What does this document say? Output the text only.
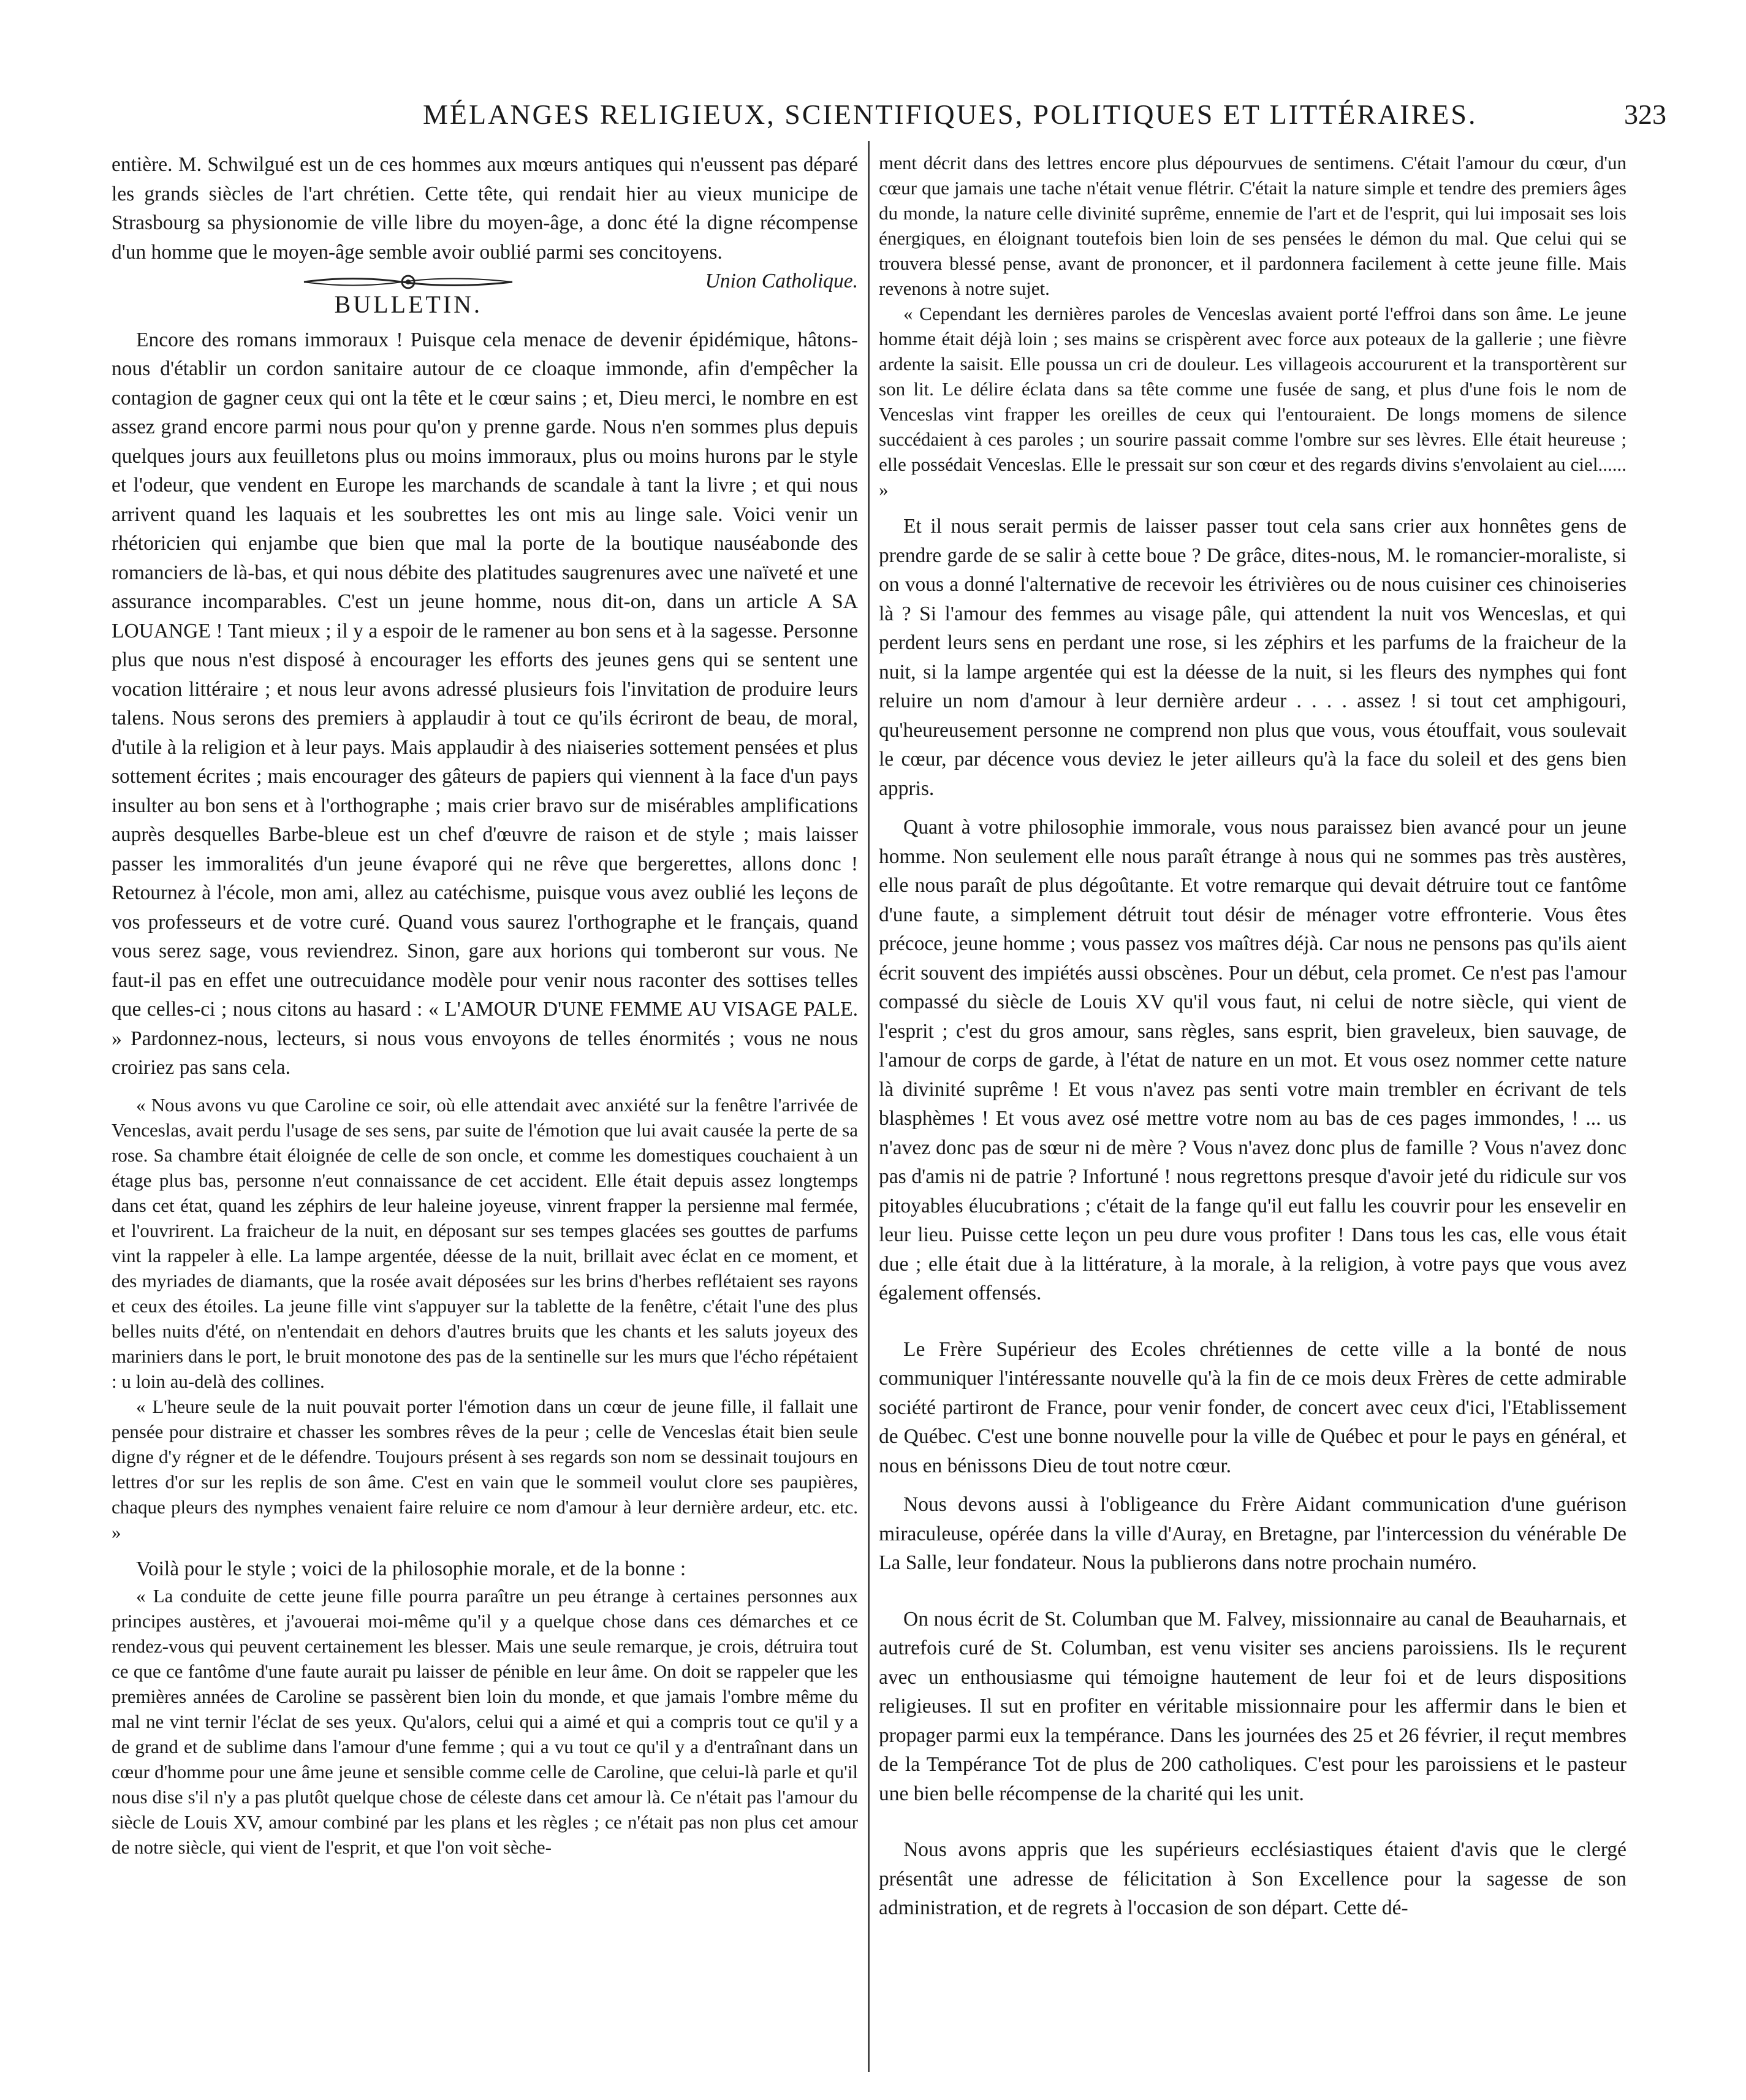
MÉLANGES RELIGIEUX, SCIENTIFIQUES, POLITIQUES ET LITTÉRAIRES.	323

entière. M. Schwilgué est un de ces hommes aux mœurs antiques qui n'eussent pas déparé les grands siècles de l'art chrétien. Cette tête, qui rendait hier au vieux municipe de Strasbourg sa physionomie de ville libre du moyen-âge, a donc été la digne récompense d'un homme que le moyen-âge semble avoir oublié parmi ses concitoyens.
Union Catholique.

BULLETIN.

Encore des romans immoraux ! Puisque cela menace de devenir épidémique, hâtons-nous d'établir un cordon sanitaire autour de ce cloaque immonde, afin d'empêcher la contagion de gagner ceux qui ont la tête et le cœur sains ; et, Dieu merci, le nombre en est assez grand encore parmi nous pour qu'on y prenne garde. Nous n'en sommes plus depuis quelques jours aux feuilletons plus ou moins immoraux, plus ou moins hurons par le style et l'odeur, que vendent en Europe les marchands de scandale à tant la livre ; et qui nous arrivent quand les laquais et les soubrettes les ont mis au linge sale. Voici venir un rhétoricien qui enjambe que bien que mal la porte de la boutique nauséabonde des romanciers de là-bas, et qui nous débite des platitudes saugrenures avec une naïveté et une assurance incomparables. C'est un jeune homme, nous dit-on, dans un article A SA LOUANGE ! Tant mieux ; il y a espoir de le ramener au bon sens et à la sagesse. Personne plus que nous n'est disposé à encourager les efforts des jeunes gens qui se sentent une vocation littéraire ; et nous leur avons adressé plusieurs fois l'invitation de produire leurs talens. Nous serons des premiers à applaudir à tout ce qu'ils écriront de beau, de moral, d'utile à la religion et à leur pays. Mais applaudir à des niaiseries sottement pensées et plus sottement écrites ; mais encourager des gâteurs de papiers qui viennent à la face d'un pays insulter au bon sens et à l'orthographe ; mais crier bravo sur de misérables amplifications auprès desquelles Barbe-bleue est un chef d'œuvre de raison et de style ; mais laisser passer les immoralités d'un jeune évaporé qui ne rêve que bergerettes, allons donc ! Retournez à l'école, mon ami, allez au catéchisme, puisque vous avez oublié les leçons de vos professeurs et de votre curé. Quand vous saurez l'orthographe et le français, quand vous serez sage, vous reviendrez. Sinon, gare aux horions qui tomberont sur vous. Ne faut-il pas en effet une outrecuidance modèle pour venir nous raconter des sottises telles que celles-ci ; nous citons au hasard : « L'AMOUR D'UNE FEMME AU VISAGE PALE. » Pardonnez-nous, lecteurs, si nous vous envoyons de telles énormités ; vous ne nous croiriez pas sans cela.

« Nous avons vu que Caroline ce soir, où elle attendait avec anxiété sur la fenêtre l'arrivée de Venceslas, avait perdu l'usage de ses sens, par suite de l'émotion que lui avait causée la perte de sa rose. Sa chambre était éloignée de celle de son oncle, et comme les domestiques couchaient à un étage plus bas, personne n'eut connaissance de cet accident. Elle était depuis assez longtemps dans cet état, quand les zéphirs de leur haleine joyeuse, vinrent frapper la persienne mal fermée, et l'ouvrirent. La fraicheur de la nuit, en déposant sur ses tempes glacées ses gouttes de parfums vint la rappeler à elle. La lampe argentée, déesse de la nuit, brillait avec éclat en ce moment, et des myriades de diamants, que la rosée avait déposées sur les brins d'herbes reflétaient ses rayons et ceux des étoiles. La jeune fille vint s'appuyer sur la tablette de la fenêtre, c'était l'une des plus belles nuits d'été, on n'entendait en dehors d'autres bruits que les chants et les saluts joyeux des mariniers dans le port, le bruit monotone des pas de la sentinelle sur les murs que l'écho répétaient : u loin au-delà des collines.

« L'heure seule de la nuit pouvait porter l'émotion dans un cœur de jeune fille, il fallait une pensée pour distraire et chasser les sombres rêves de la peur ; celle de Venceslas était bien seule digne d'y régner et de le défendre. Toujours présent à ses regards son nom se dessinait toujours en lettres d'or sur les replis de son âme. C'est en vain que le sommeil voulut clore ses paupières, chaque pleurs des nymphes venaient faire reluire ce nom d'amour à leur dernière ardeur, etc. etc. »

Voilà pour le style ; voici de la philosophie morale, et de la bonne :

« La conduite de cette jeune fille pourra paraître un peu étrange à certaines personnes aux principes austères, et j'avouerai moi-même qu'il y a quelque chose dans ces démarches et ce rendez-vous qui peuvent certainement les blesser. Mais une seule remarque, je crois, détruira tout ce que ce fantôme d'une faute aurait pu laisser de pénible en leur âme. On doit se rappeler que les premières années de Caroline se passèrent bien loin du monde, et que jamais l'ombre même du mal ne vint ternir l'éclat de ses yeux. Qu'alors, celui qui a aimé et qui a compris tout ce qu'il y a de grand et de sublime dans l'amour d'une femme ; qui a vu tout ce qu'il y a d'entraînant dans un cœur d'homme pour une âme jeune et sensible comme celle de Caroline, que celui-là parle et qu'il nous dise s'il n'y a pas plutôt quelque chose de céleste dans cet amour là. Ce n'était pas l'amour du siècle de Louis XV, amour combiné par les plans et les règles ; ce n'était pas non plus cet amour de notre siècle, qui vient de l'esprit, et que l'on voit sèche-

ment décrit dans des lettres encore plus dépourvues de sentimens. C'était l'amour du cœur, d'un cœur que jamais une tache n'était venue flétrir. C'était la nature simple et tendre des premiers âges du monde, la nature celle divinité suprême, ennemie de l'art et de l'esprit, qui lui imposait ses lois énergiques, en éloignant toutefois bien loin de ses pensées le démon du mal. Que celui qui se trouvera blessé pense, avant de prononcer, et il pardonnera facilement à cette jeune fille. Mais revenons à notre sujet.

« Cependant les dernières paroles de Venceslas avaient porté l'effroi dans son âme. Le jeune homme était déjà loin ; ses mains se crispèrent avec force aux poteaux de la gallerie ; une fièvre ardente la saisit. Elle poussa un cri de douleur. Les villageois accoururent et la transportèrent sur son lit. Le délire éclata dans sa tête comme une fusée de sang, et plus d'une fois le nom de Venceslas vint frapper les oreilles de ceux qui l'entouraient. De longs momens de silence succédaient à ces paroles ; un sourire passait comme l'ombre sur ses lèvres. Elle était heureuse ; elle possédait Venceslas. Elle le pressait sur son cœur et des regards divins s'envolaient au ciel...... »

Et il nous serait permis de laisser passer tout cela sans crier aux honnêtes gens de prendre garde de se salir à cette boue ? De grâce, dites-nous, M. le romancier-moraliste, si on vous a donné l'alternative de recevoir les étrivières ou de nous cuisiner ces chinoiseries là ? Si l'amour des femmes au visage pâle, qui attendent la nuit vos Wenceslas, et qui perdent leurs sens en perdant une rose, si les zéphirs et les parfums de la fraicheur de la nuit, si la lampe argentée qui est la déesse de la nuit, si les fleurs des nymphes qui font reluire un nom d'amour à leur dernière ardeur . . . . assez ! si tout cet amphigouri, qu'heureusement personne ne comprend non plus que vous, vous étouffait, vous soulevait le cœur, par décence vous deviez le jeter ailleurs qu'à la face du soleil et des gens bien appris.

Quant à votre philosophie immorale, vous nous paraissez bien avancé pour un jeune homme. Non seulement elle nous paraît étrange à nous qui ne sommes pas très austères, elle nous paraît de plus dégoûtante. Et votre remarque qui devait détruire tout ce fantôme d'une faute, a simplement détruit tout désir de ménager votre effronterie. Vous êtes précoce, jeune homme ; vous passez vos maîtres déjà. Car nous ne pensons pas qu'ils aient écrit souvent des impiétés aussi obscènes. Pour un début, cela promet. Ce n'est pas l'amour compassé du siècle de Louis XV qu'il vous faut, ni celui de notre siècle, qui vient de l'esprit ; c'est du gros amour, sans règles, sans esprit, bien graveleux, bien sauvage, de l'amour de corps de garde, à l'état de nature en un mot. Et vous osez nommer cette nature là divinité suprême ! Et vous n'avez pas senti votre main trembler en écrivant de tels blasphèmes ! Et vous avez osé mettre votre nom au bas de ces pages immondes, ! ... us n'avez donc pas de sœur ni de mère ? Vous n'avez donc plus de famille ? Vous n'avez donc pas d'amis ni de patrie ? Infortuné ! nous regrettons presque d'avoir jeté du ridicule sur vos pitoyables élucubrations ; c'était de la fange qu'il eut fallu les couvrir pour les ensevelir en leur lieu. Puisse cette leçon un peu dure vous profiter ! Dans tous les cas, elle vous était due ; elle était due à la littérature, à la morale, à la religion, à votre pays que vous avez également offensés.

Le Frère Supérieur des Ecoles chrétiennes de cette ville a la bonté de nous communiquer l'intéressante nouvelle qu'à la fin de ce mois deux Frères de cette admirable société partiront de France, pour venir fonder, de concert avec ceux d'ici, l'Etablissement de Québec. C'est une bonne nouvelle pour la ville de Québec et pour le pays en général, et nous en bénissons Dieu de tout notre cœur.

Nous devons aussi à l'obligeance du Frère Aidant communication d'une guérison miraculeuse, opérée dans la ville d'Auray, en Bretagne, par l'intercession du vénérable De La Salle, leur fondateur. Nous la publierons dans notre prochain numéro.

On nous écrit de St. Columban que M. Falvey, missionnaire au canal de Beauharnais, et autrefois curé de St. Columban, est venu visiter ses anciens paroissiens. Ils le reçurent avec un enthousiasme qui témoigne hautement de leur foi et de leurs dispositions religieuses. Il sut en profiter en véritable missionnaire pour les affermir dans le bien et propager parmi eux la tempérance. Dans les journées des 25 et 26 février, il reçut membres de la Tempérance Tot de plus de 200 catholiques. C'est pour les paroissiens et le pasteur une bien belle récompense de la charité qui les unit.

Nous avons appris que les supérieurs ecclésiastiques étaient d'avis que le clergé présentât une adresse de félicitation à Son Excellence pour la sagesse de son administration, et de regrets à l'occasion de son départ. Cette dé-
